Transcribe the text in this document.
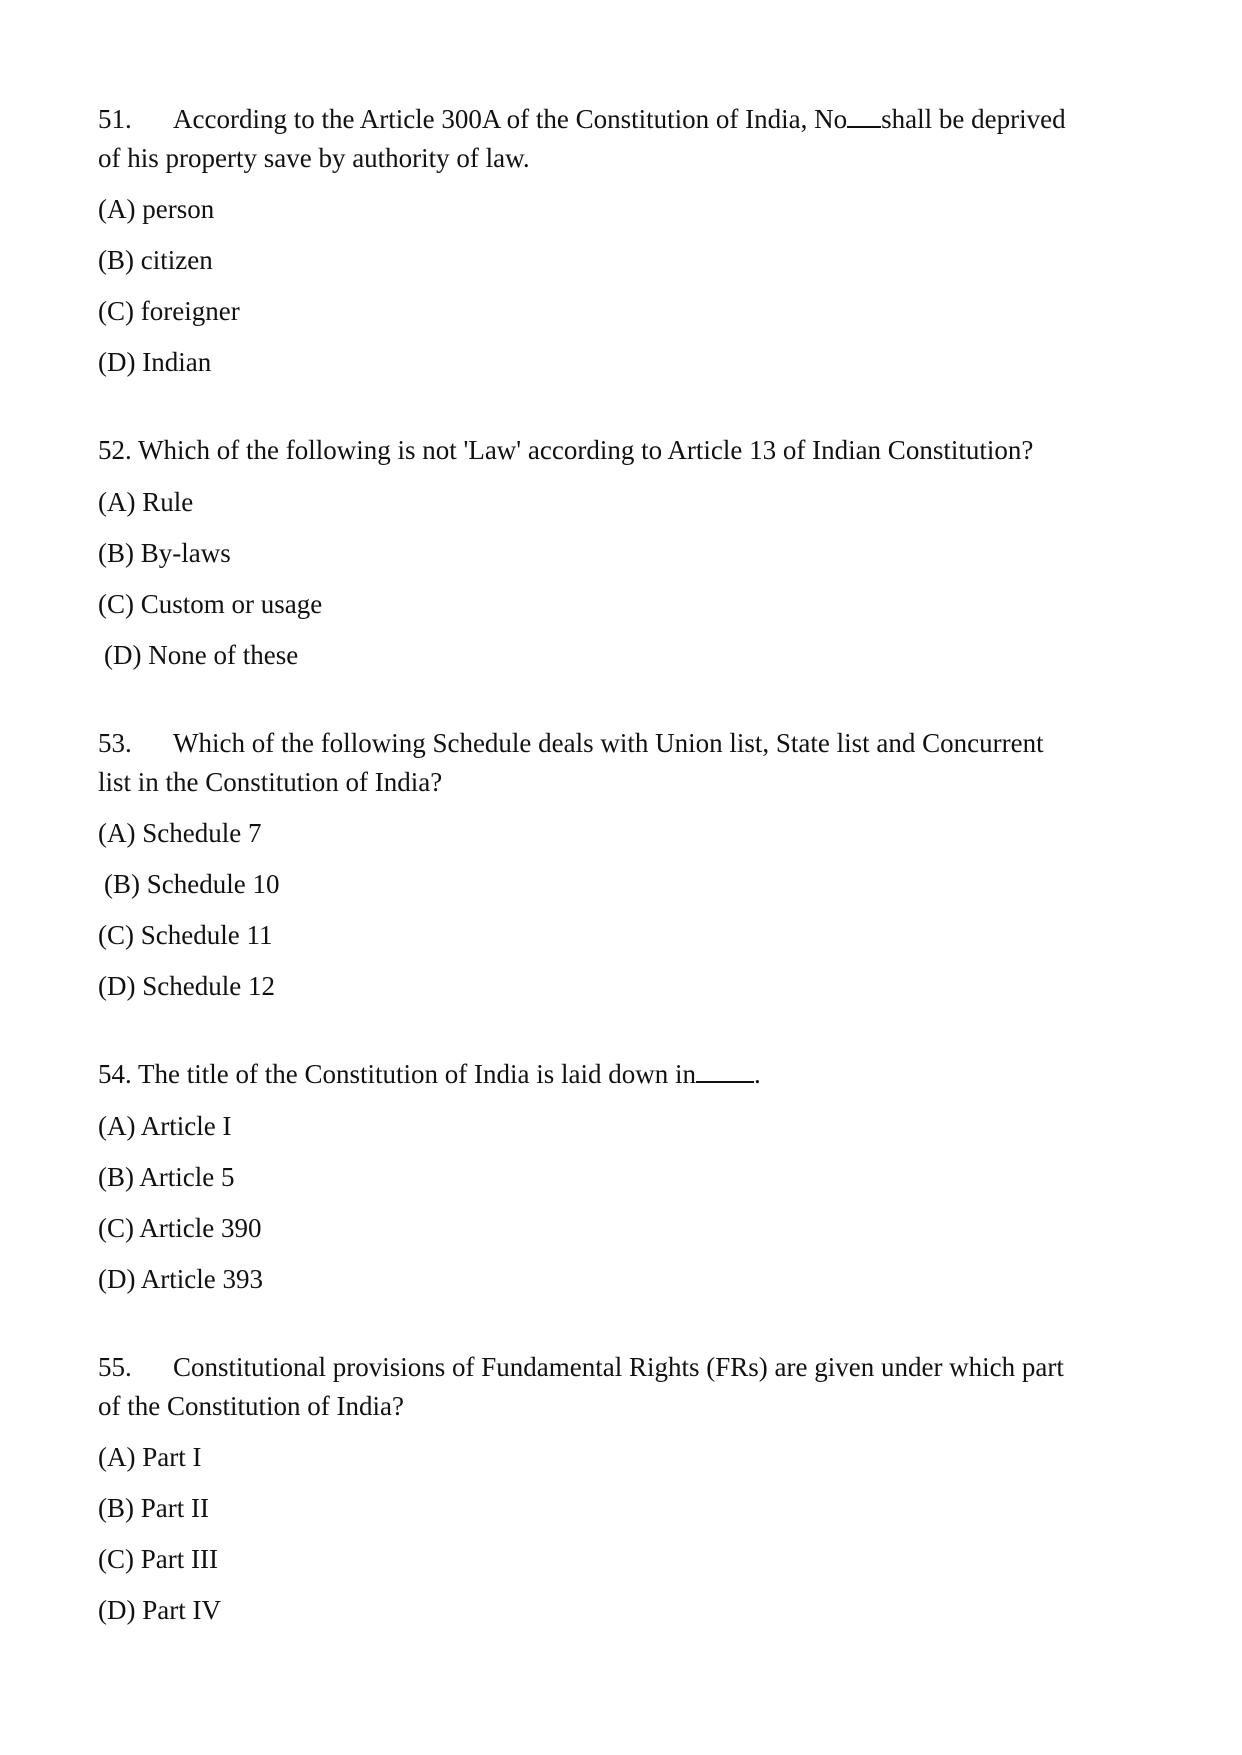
51. According to the Article 300A of the Constitution of India, No shall be deprived

of his property save by authority of law.

(A) person
(B) citizen
(C) foreigner
(D) Indian

52. Which of the following is not 'Law' according to Article 13 of Indian Constitution?

(A) Rule
(B) By-laws
(C) Custom or usage
(D) None of these

53. Which of the following Schedule deals with Union list, State list and Concurrent

list in the Constitution of India?

(A) Schedule 7
(B) Schedule 10
(C) Schedule 11
(D) Schedule 12

54. The title of the Constitution of India is laid down in .

(A) Article I
(B) Article 5
(C) Article 390
(D) Article 393

55. Constitutional provisions of Fundamental Rights (FRs) are given under which part

of the Constitution of India?

(A) Part I
(B) Part II
(C) Part III
(D) Part IV
